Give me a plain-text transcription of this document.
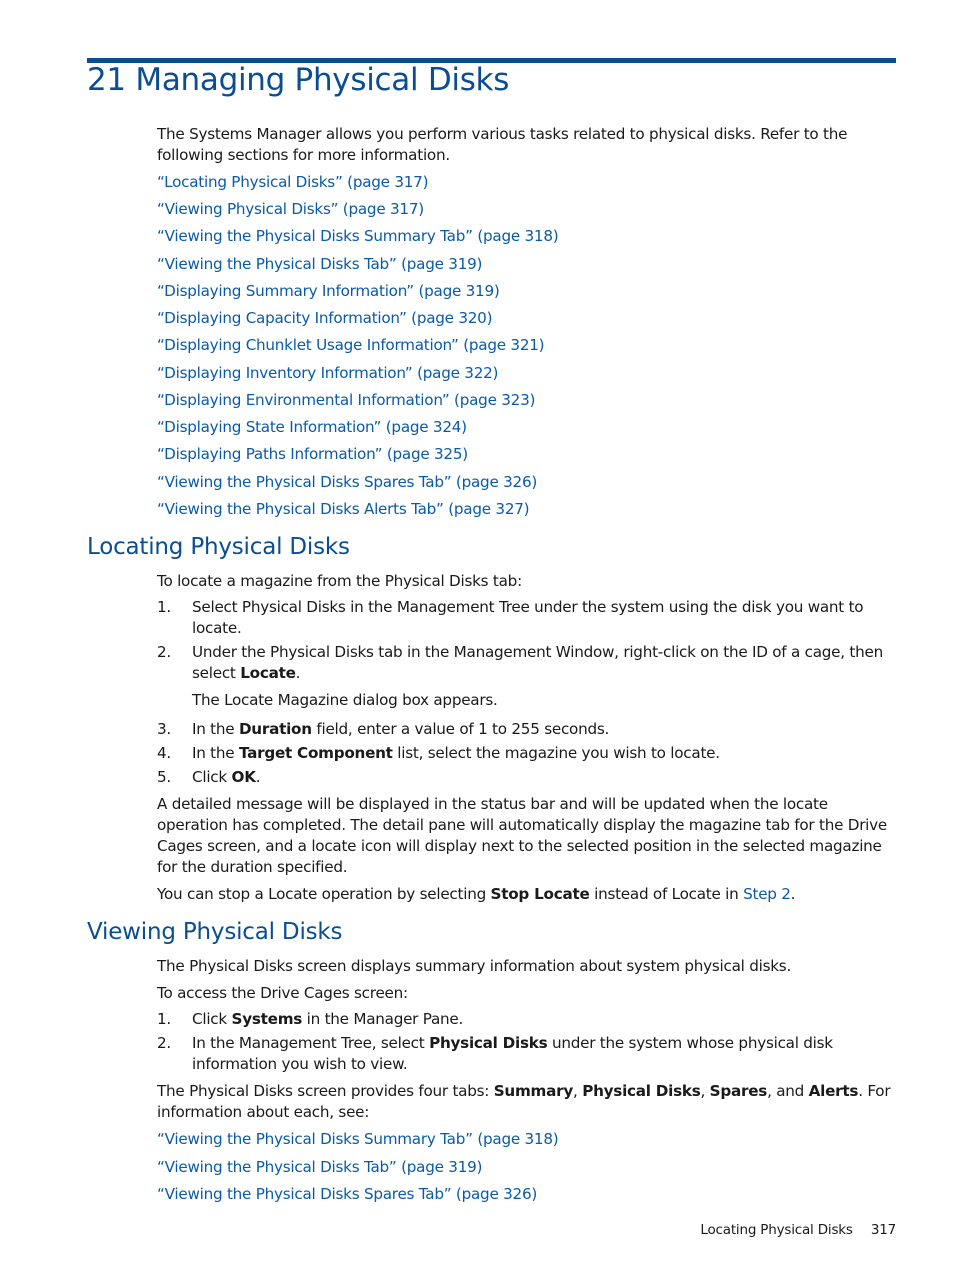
21 Managing Physical Disks

The Systems Manager allows you perform various tasks related to physical disks. Refer to the following sections for more information.

“Locating Physical Disks” (page 317)
“Viewing Physical Disks” (page 317)
“Viewing the Physical Disks Summary Tab” (page 318)
“Viewing the Physical Disks Tab” (page 319)
“Displaying Summary Information” (page 319)
“Displaying Capacity Information” (page 320)
“Displaying Chunklet Usage Information” (page 321)
“Displaying Inventory Information” (page 322)
“Displaying Environmental Information” (page 323)
“Displaying State Information” (page 324)
“Displaying Paths Information” (page 325)
“Viewing the Physical Disks Spares Tab” (page 326)
“Viewing the Physical Disks Alerts Tab” (page 327)
Locating Physical Disks

To locate a magazine from the Physical Disks tab:

1. Select Physical Disks in the Management Tree under the system using the disk you want to locate.
2. Under the Physical Disks tab in the Management Window, right-click on the ID of a cage, then select Locate.

The Locate Magazine dialog box appears.

3. In the Duration field, enter a value of 1 to 255 seconds.
4. In the Target Component list, select the magazine you wish to locate.
5. Click OK.

A detailed message will be displayed in the status bar and will be updated when the locate operation has completed. The detail pane will automatically display the magazine tab for the Drive Cages screen, and a locate icon will display next to the selected position in the selected magazine for the duration specified.

You can stop a Locate operation by selecting Stop Locate instead of Locate in Step 2.

Viewing Physical Disks

The Physical Disks screen displays summary information about system physical disks.

To access the Drive Cages screen:

1. Click Systems in the Manager Pane.
2. In the Management Tree, select Physical Disks under the system whose physical disk information you wish to view.

The Physical Disks screen provides four tabs: Summary, Physical Disks, Spares, and Alerts. For information about each, see:

“Viewing the Physical Disks Summary Tab” (page 318)
“Viewing the Physical Disks Tab” (page 319)
“Viewing the Physical Disks Spares Tab” (page 326)
Locating Physical Disks 317
